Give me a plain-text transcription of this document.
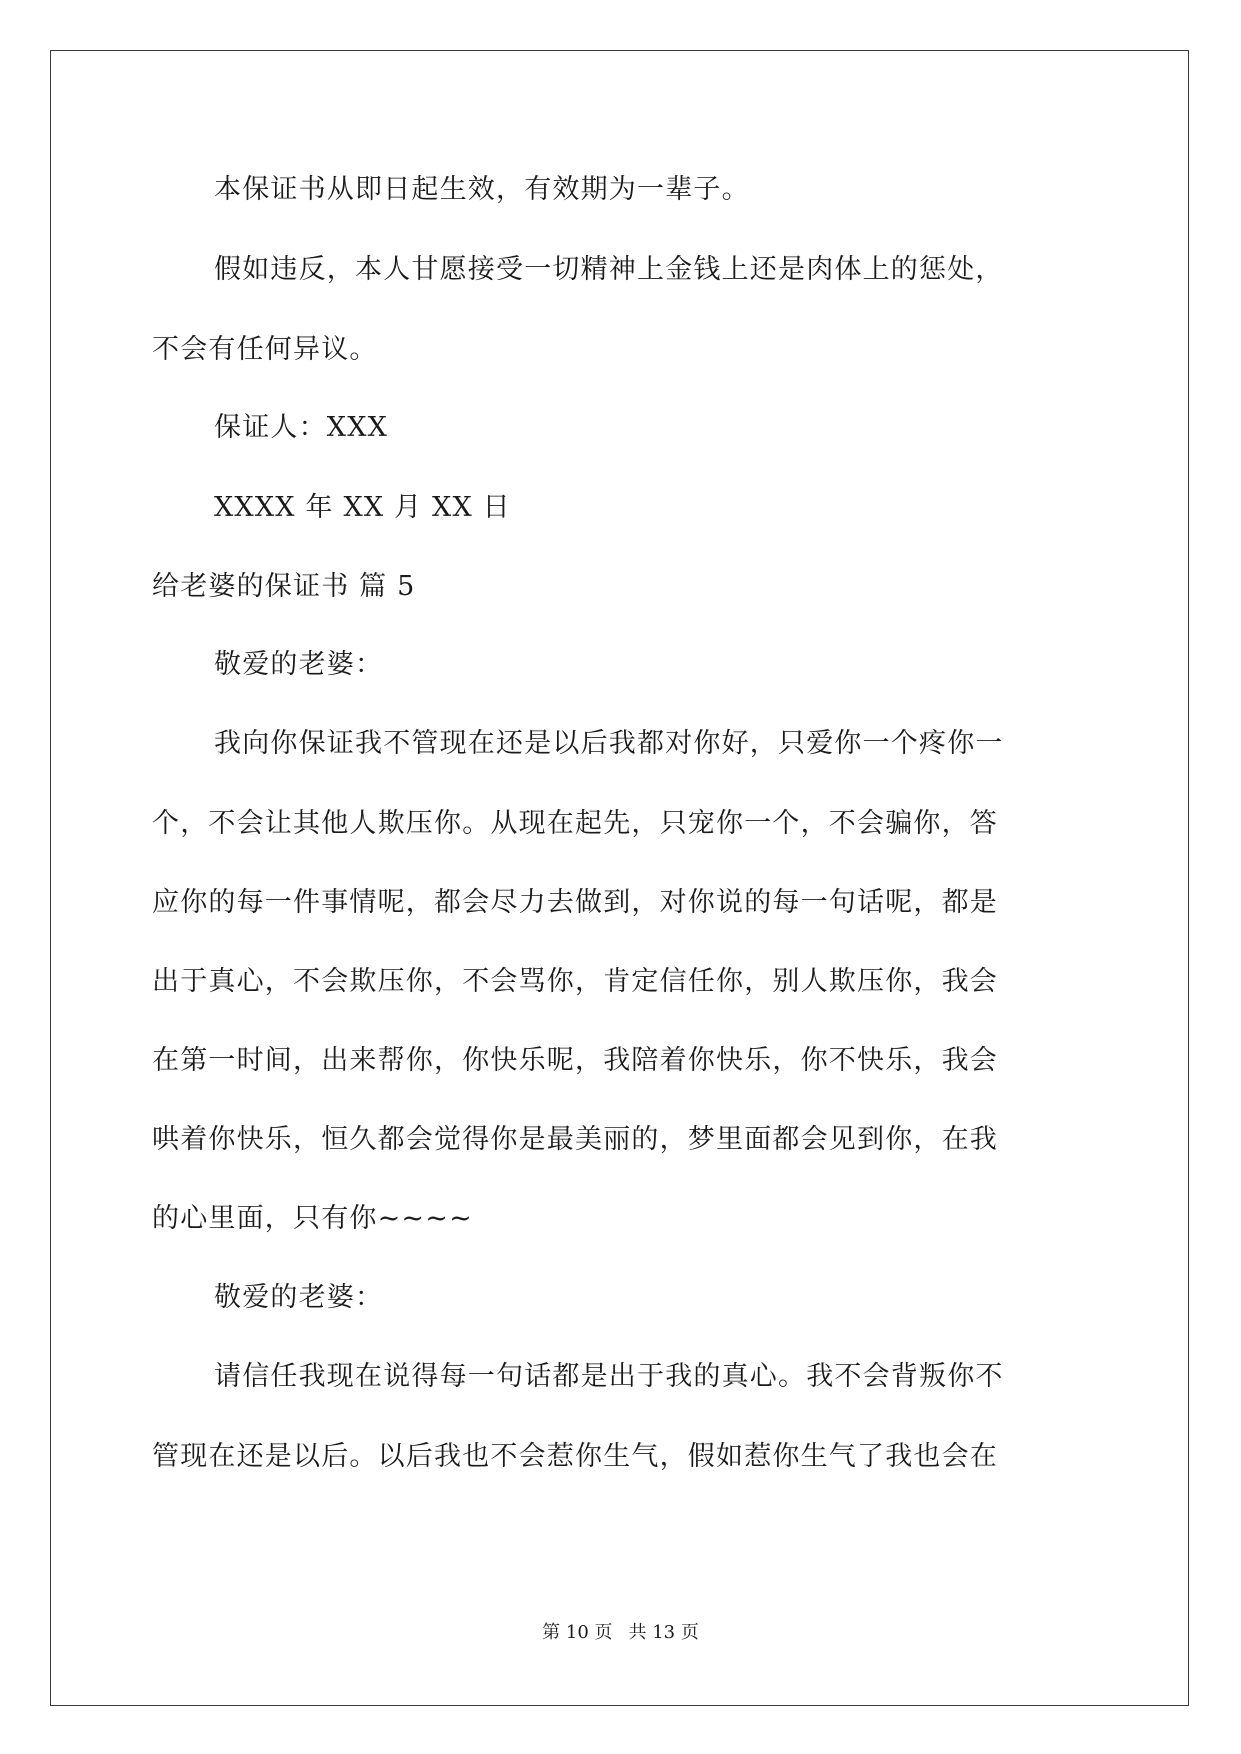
本保证书从即日起生效，有效期为一辈子。
假如违反，本人甘愿接受一切精神上金钱上还是肉体上的惩处，
不会有任何异议。
保证人：XXX
XXXX 年 XX 月 XX 日
给老婆的保证书 篇 5
敬爱的老婆：
我向你保证我不管现在还是以后我都对你好，只爱你一个疼你一
个，不会让其他人欺压你。从现在起先，只宠你一个，不会骗你，答
应你的每一件事情呢，都会尽力去做到，对你说的每一句话呢，都是
出于真心，不会欺压你，不会骂你，肯定信任你，别人欺压你，我会
在第一时间，出来帮你，你快乐呢，我陪着你快乐，你不快乐，我会
哄着你快乐，恒久都会觉得你是最美丽的，梦里面都会见到你，在我
的心里面，只有你~~~~
敬爱的老婆：
请信任我现在说得每一句话都是出于我的真心。我不会背叛你不
管现在还是以后。以后我也不会惹你生气，假如惹你生气了我也会在
第 10 页 共 13 页
